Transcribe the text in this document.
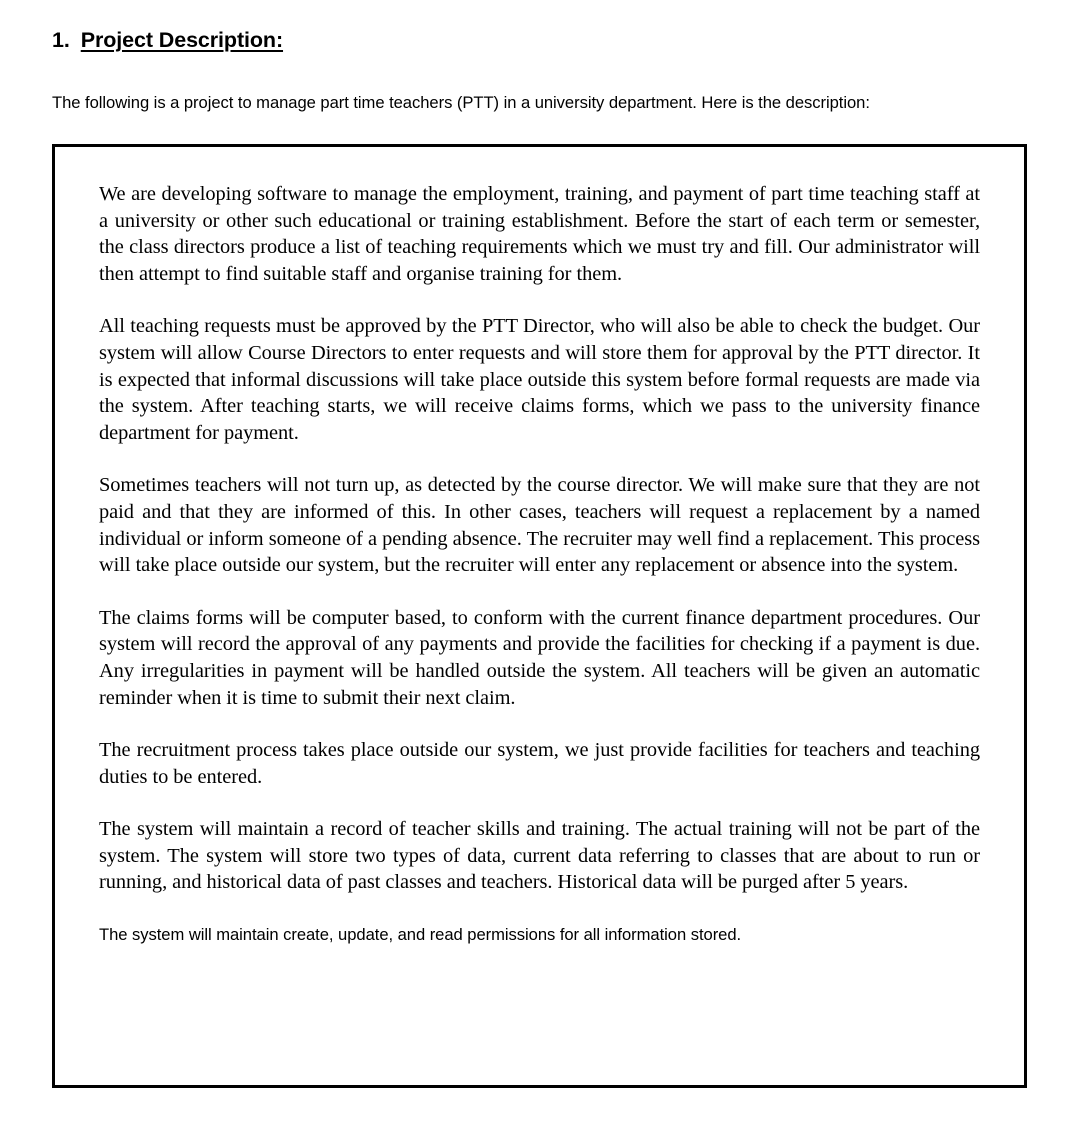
1. Project Description:

The following is a project to manage part time teachers (PTT) in a university department. Here is the description:

We are developing software to manage the employment, training, and payment of part time teaching staff at a university or other such educational or training establishment. Before the start of each term or semester, the class directors produce a list of teaching requirements which we must try and fill. Our administrator will then attempt to find suitable staff and organise training for them.

All teaching requests must be approved by the PTT Director, who will also be able to check the budget. Our system will allow Course Directors to enter requests and will store them for approval by the PTT director. It is expected that informal discussions will take place outside this system before formal requests are made via the system. After teaching starts, we will receive claims forms, which we pass to the university finance department for payment.

Sometimes teachers will not turn up, as detected by the course director. We will make sure that they are not paid and that they are informed of this. In other cases, teachers will request a replacement by a named individual or inform someone of a pending absence. The recruiter may well find a replacement. This process will take place outside our system, but the recruiter will enter any replacement or absence into the system.

The claims forms will be computer based, to conform with the current finance department procedures. Our system will record the approval of any payments and provide the facilities for checking if a payment is due. Any irregularities in payment will be handled outside the system. All teachers will be given an automatic reminder when it is time to submit their next claim.

The recruitment process takes place outside our system, we just provide facilities for teachers and teaching duties to be entered.

The system will maintain a record of teacher skills and training. The actual training will not be part of the system. The system will store two types of data, current data referring to classes that are about to run or running, and historical data of past classes and teachers. Historical data will be purged after 5 years.

The system will maintain create, update, and read permissions for all information stored.
